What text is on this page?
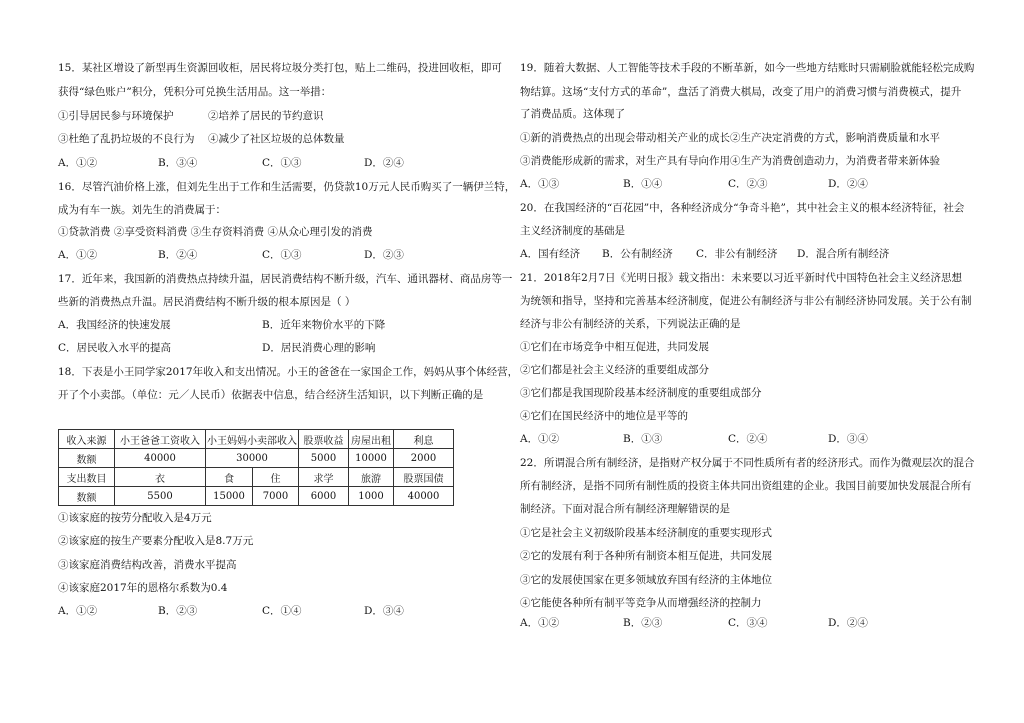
15．某社区增设了新型再生资源回收柜，居民将垃圾分类打包，贴上二维码，投进回收柜，即可
获得“绿色账户”积分，凭积分可兑换生活用品。这一举措：
①引导居民参与环境保护	②培养了居民的节约意识
③杜绝了乱扔垃圾的不良行为 ④减少了社区垃圾的总体数量
A．①②	B．③④	C．①③	D．②④
16．尽管汽油价格上涨，但刘先生出于工作和生活需要，仍贷款10万元人民币购买了一辆伊兰特，
成为有车一族。刘先生的消费属于：
①贷款消费 ②享受资料消费 ③生存资料消费 ④从众心理引发的消费
A．①②	B．②④	C．①③	D．②③
17．近年来，我国新的消费热点持续升温，居民消费结构不断升级，汽车、通讯器材、商品房等一
些新的消费热点升温。居民消费结构不断升级的根本原因是（ ）
A．我国经济的快速发展	B．近年来物价水平的下降
C．居民收入水平的提高	D．居民消费心理的影响
18．下表是小王同学家2017年收入和支出情况。小王的爸爸在一家国企工作，妈妈从事个体经营，
开了个小卖部。（单位：元／人民币）依据表中信息，结合经济生活知识，以下判断正确的是
收入来源	小王爸爸工资收入	小王妈妈小卖部收入		股票收益	房屋出租	利息
数额	40000	30000		5000	10000	2000
支出数目	衣	食	住	求学	旅游	股票国债
数额	5500	15000	7000	6000	1000	40000
①该家庭的按劳分配收入是4万元
②该家庭的按生产要素分配收入是8.7万元
③该家庭消费结构改善，消费水平提高
④该家庭2017年的恩格尔系数为0.4
A．①②	B．②③	C．①④	D．③④
19．随着大数据、人工智能等技术手段的不断革新，如今一些地方结账时只需刷脸就能轻松完成购
物结算。这场“支付方式的革命”，盘活了消费大棋局，改变了用户的消费习惯与消费模式，提升
了消费品质。这体现了
①新的消费热点的出现会带动相关产业的成长②生产决定消费的方式，影响消费质量和水平
③消费能形成新的需求，对生产具有导向作用④生产为消费创造动力，为消费者带来新体验
A．①③	B．①④	C．②③	D．②④
20．在我国经济的“百花园”中，各种经济成分“争奇斗艳”，其中社会主义的根本经济特征，社会
主义经济制度的基础是
A．国有经济 B．公有制经济 C．非公有制经济 D．混合所有制经济
21．2018年2月7日《光明日报》载文指出：未来要以习近平新时代中国特色社会主义经济思想
为统领和指导，坚持和完善基本经济制度，促进公有制经济与非公有制经济协同发展。关于公有制
经济与非公有制经济的关系，下列说法正确的是
①它们在市场竞争中相互促进，共同发展
②它们都是社会主义经济的重要组成部分
③它们都是我国现阶段基本经济制度的重要组成部分
④它们在国民经济中的地位是平等的
A．①②	B．①③	C．②④	D．③④
22．所谓混合所有制经济，是指财产权分属于不同性质所有者的经济形式。而作为微观层次的混合
所有制经济，是指不同所有制性质的投资主体共同出资组建的企业。我国目前要加快发展混合所有
制经济。下面对混合所有制经济理解错误的是
①它是社会主义初级阶段基本经济制度的重要实现形式
②它的发展有利于各种所有制资本相互促进，共同发展
③它的发展使国家在更多领域放弃国有经济的主体地位
④它能使各种所有制平等竞争从而增强经济的控制力
A．①②	B．②③	C．③④	D．②④
